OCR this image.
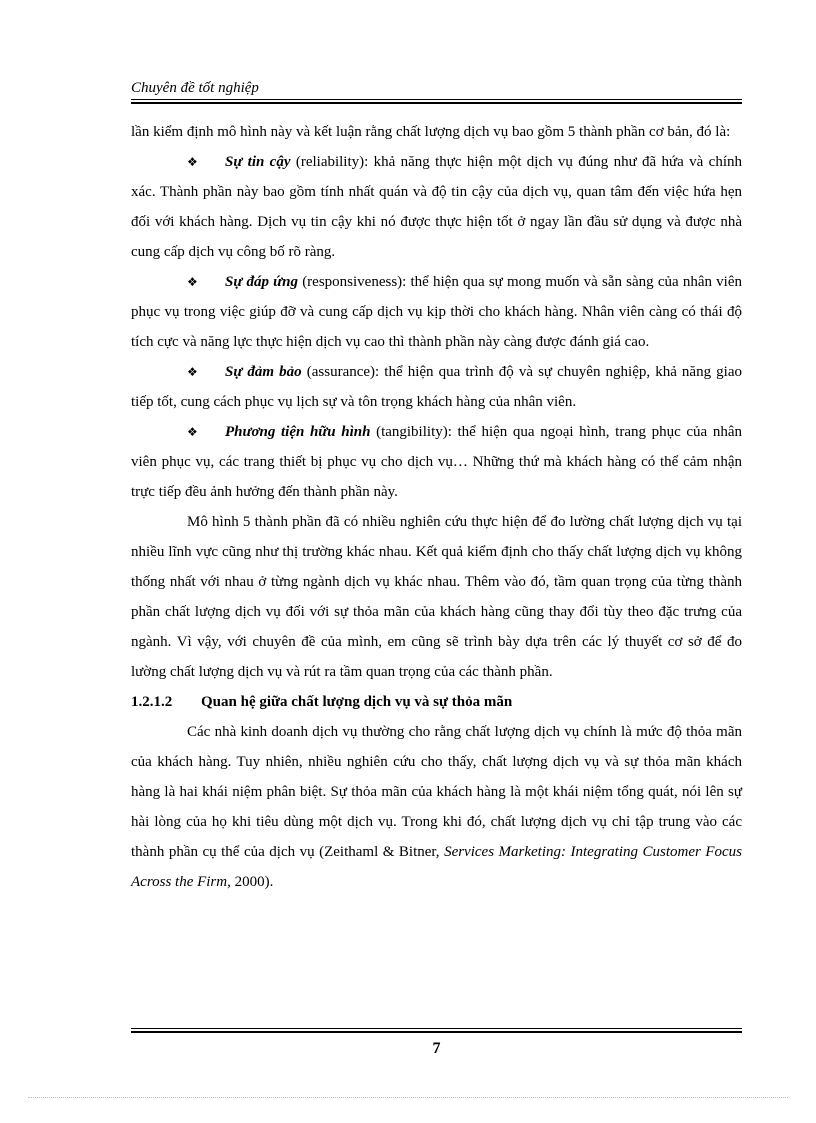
Chuyên đề tốt nghiệp

lần kiểm định mô hình này và kết luận rằng chất lượng dịch vụ bao gồm 5 thành phần cơ bản, đó là:

❖ Sự tin cậy (reliability): khả năng thực hiện một dịch vụ đúng như đã hứa và chính xác. Thành phần này bao gồm tính nhất quán và độ tin cậy của dịch vụ, quan tâm đến việc hứa hẹn đối với khách hàng. Dịch vụ tin cậy khi nó được thực hiện tốt ở ngay lần đầu sử dụng và được nhà cung cấp dịch vụ công bố rõ ràng.

❖ Sự đáp ứng (responsiveness): thể hiện qua sự mong muốn và sẵn sàng của nhân viên phục vụ trong việc giúp đỡ và cung cấp dịch vụ kịp thời cho khách hàng. Nhân viên càng có thái độ tích cực và năng lực thực hiện dịch vụ cao thì thành phần này càng được đánh giá cao.

❖ Sự đảm bảo (assurance): thể hiện qua trình độ và sự chuyên nghiệp, khả năng giao tiếp tốt, cung cách phục vụ lịch sự và tôn trọng khách hàng của nhân viên.

❖ Phương tiện hữu hình (tangibility): thể hiện qua ngoại hình, trang phục của nhân viên phục vụ, các trang thiết bị phục vụ cho dịch vụ… Những thứ mà khách hàng có thể cảm nhận trực tiếp đều ảnh hưởng đến thành phần này.

Mô hình 5 thành phần đã có nhiều nghiên cứu thực hiện để đo lường chất lượng dịch vụ tại nhiều lĩnh vực cũng như thị trường khác nhau. Kết quả kiểm định cho thấy chất lượng dịch vụ không thống nhất với nhau ở từng ngành dịch vụ khác nhau. Thêm vào đó, tầm quan trọng của từng thành phần chất lượng dịch vụ đối với sự thỏa mãn của khách hàng cũng thay đổi tùy theo đặc trưng của ngành. Vì vậy, với chuyên đề của mình, em cũng sẽ trình bày dựa trên các lý thuyết cơ sở để đo lường chất lượng dịch vụ và rút ra tầm quan trọng của các thành phần.

1.2.1.2 Quan hệ giữa chất lượng dịch vụ và sự thỏa mãn

Các nhà kinh doanh dịch vụ thường cho rằng chất lượng dịch vụ chính là mức độ thỏa mãn của khách hàng. Tuy nhiên, nhiều nghiên cứu cho thấy, chất lượng dịch vụ và sự thỏa mãn khách hàng là hai khái niệm phân biệt. Sự thỏa mãn của khách hàng là một khái niệm tổng quát, nói lên sự hài lòng của họ khi tiêu dùng một dịch vụ. Trong khi đó, chất lượng dịch vụ chỉ tập trung vào các thành phần cụ thể của dịch vụ (Zeithaml & Bitner, Services Marketing: Integrating Customer Focus Across the Firm, 2000).

7
